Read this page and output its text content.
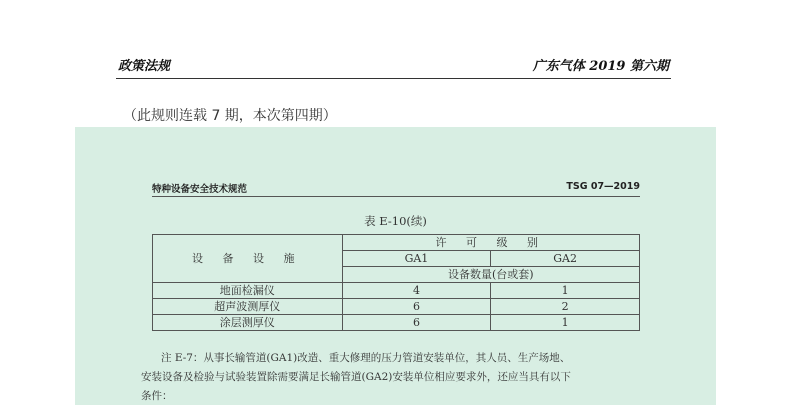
政策法规	广东气体 2019 第六期
（此规则连载 7 期，本次第四期）
特种设备安全技术规范	TSG 07—2019
表 E-10(续)
设 备 设 施	许 可 级 别	
	GA1	GA2
	设备数量(台或套)	
地面检漏仪	4	1
超声波测厚仪	6	2
涂层测厚仪	6	1

注 E-7：从事长输管道(GA1)改造、重大修理的压力管道安装单位，其人员、生产场地、

安装设备及检验与试验装置除需要满足长输管道(GA2)安装单位相应要求外，还应当具有以下

条件：
